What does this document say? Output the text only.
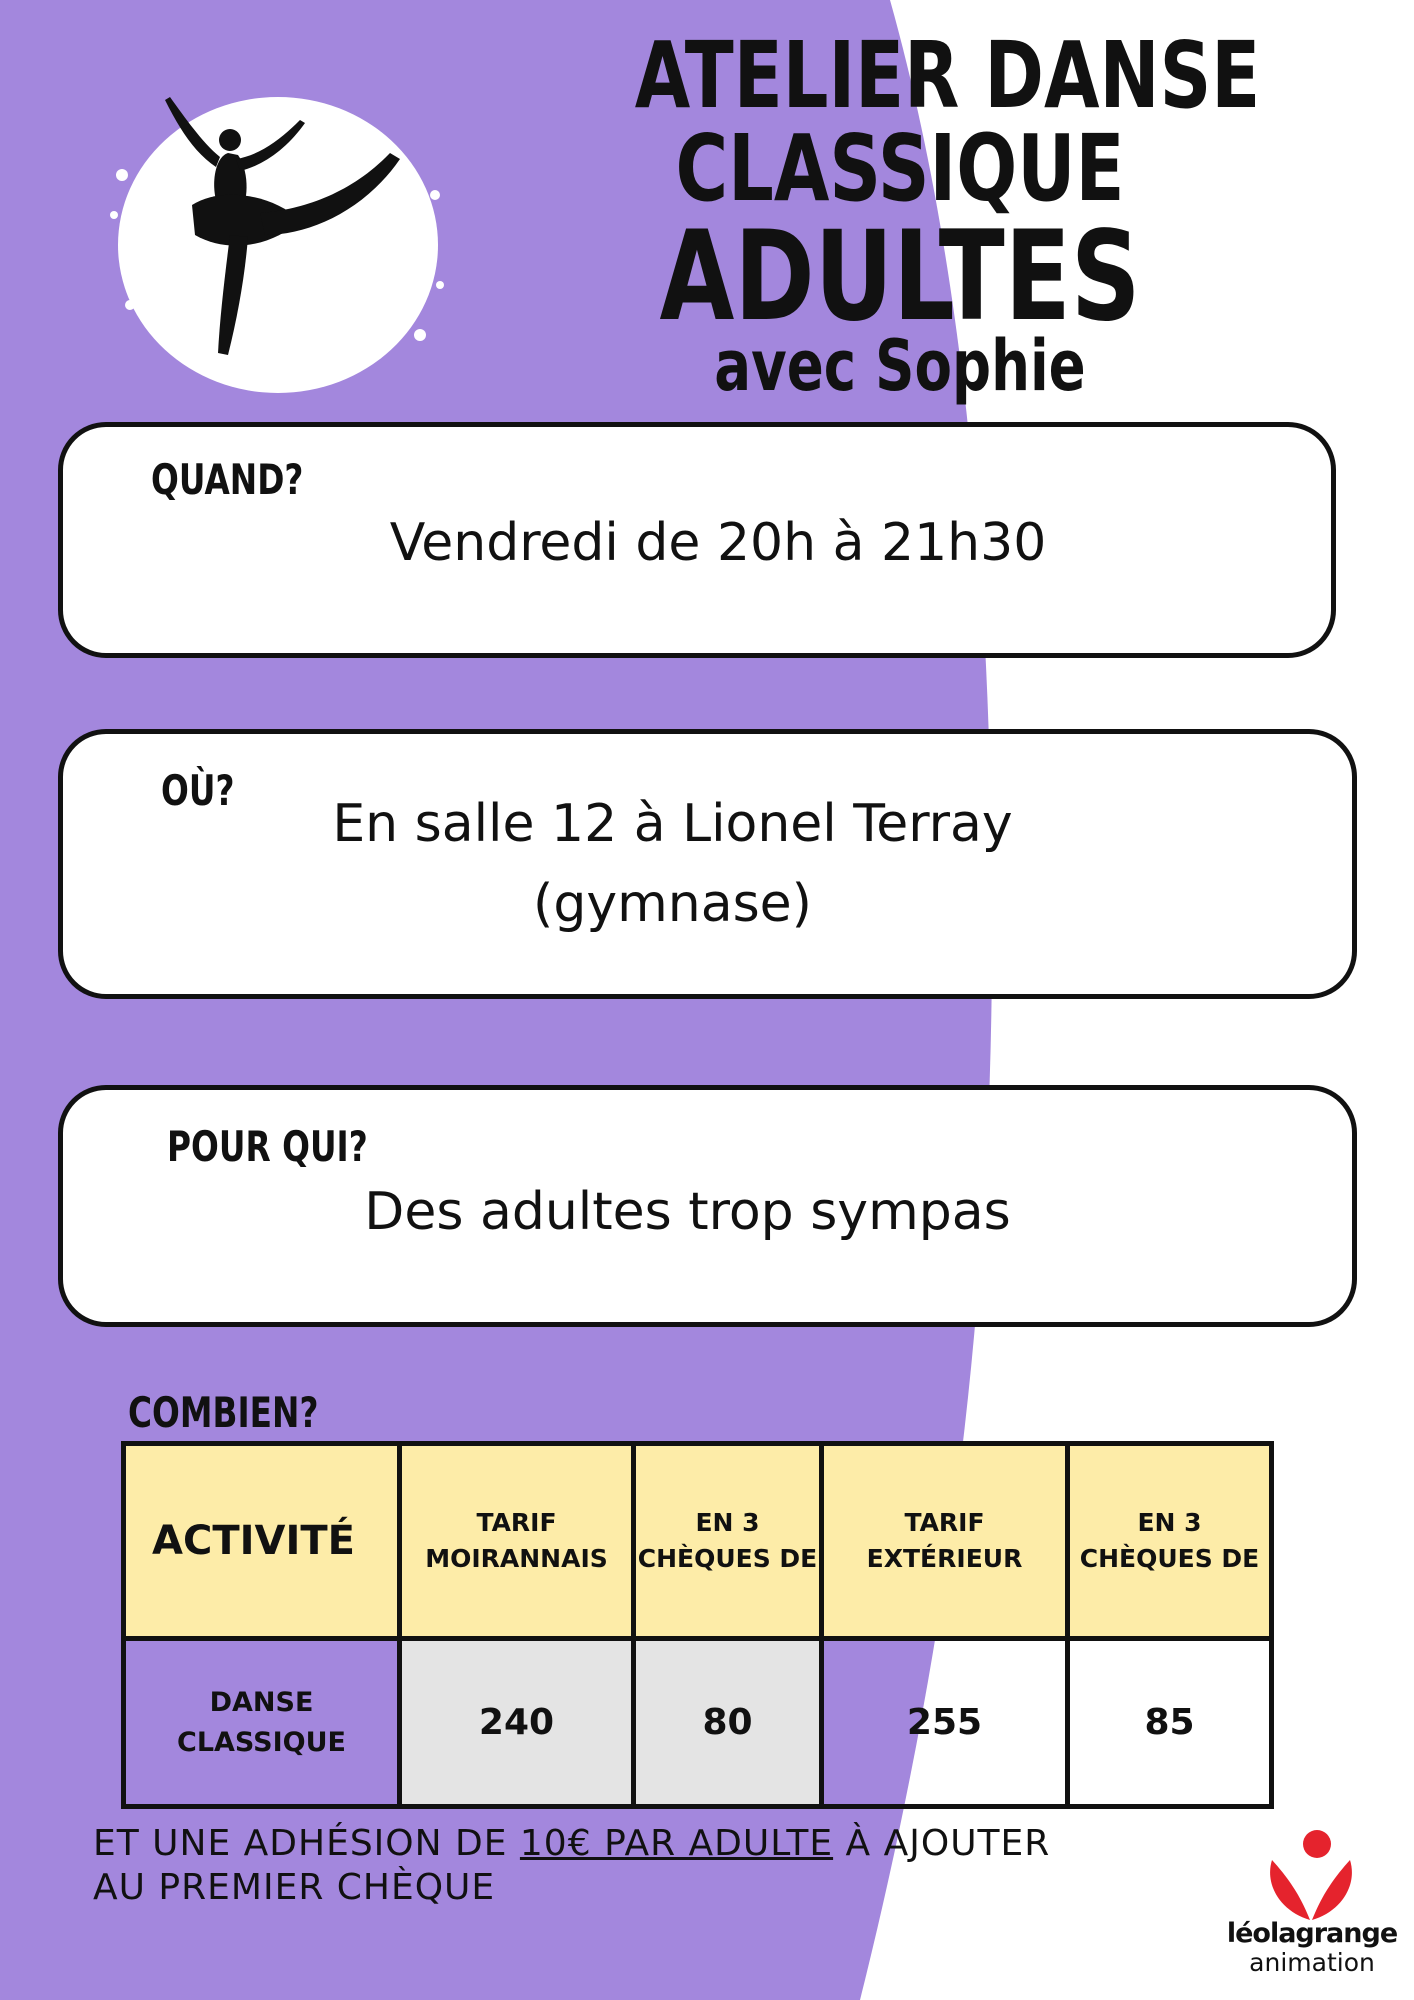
ATELIER DANSE
CLASSIQUE
ADULTES
avec Sophie
QUAND?
Vendredi de 20h à 21h30
OÙ?
En salle 12 à Lionel Terray
(gymnase)
POUR QUI?
Des adultes trop sympas
COMBIEN?
ACTIVITÉ	TARIF MOIRANNAIS	EN 3 CHÈQUES DE	TARIF EXTÉRIEUR	EN 3 CHÈQUES DE
DANSE CLASSIQUE	240	80	255	85
ET UNE ADHÉSION DE 10€ PAR ADULTE À AJOUTER AU PREMIER CHÈQUE
léolagrange
animation
